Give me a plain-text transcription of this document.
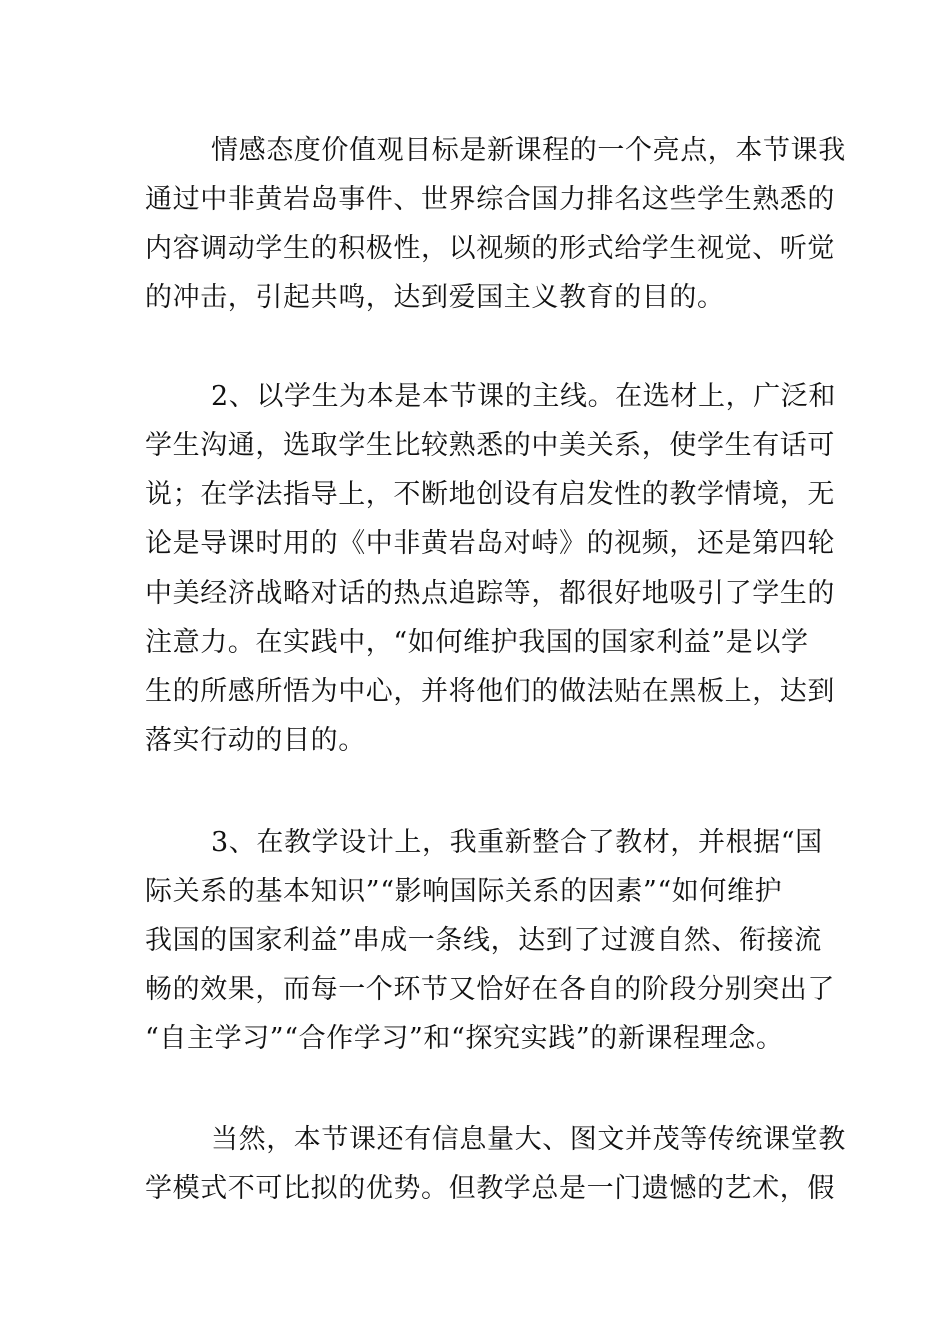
情感态度价值观目标是新课程的一个亮点，本节课我
通过中非黄岩岛事件、世界综合国力排名这些学生熟悉的
内容调动学生的积极性，以视频的形式给学生视觉、听觉
的冲击，引起共鸣，达到爱国主义教育的目的。
2、以学生为本是本节课的主线。在选材上，广泛和
学生沟通，选取学生比较熟悉的中美关系，使学生有话可
说；在学法指导上，不断地创设有启发性的教学情境，无
论是导课时用的《中非黄岩岛对峙》的视频，还是第四轮
中美经济战略对话的热点追踪等，都很好地吸引了学生的
注意力。在实践中，“如何维护我国的国家利益”是以学
生的所感所悟为中心，并将他们的做法贴在黑板上，达到
落实行动的目的。
3、在教学设计上，我重新整合了教材，并根据“国
际关系的基本知识”“影响国际关系的因素”“如何维护
我国的国家利益”串成一条线，达到了过渡自然、衔接流
畅的效果，而每一个环节又恰好在各自的阶段分别突出了
“自主学习”“合作学习”和“探究实践”的新课程理念。
当然，本节课还有信息量大、图文并茂等传统课堂教
学模式不可比拟的优势。但教学总是一门遗憾的艺术，假
